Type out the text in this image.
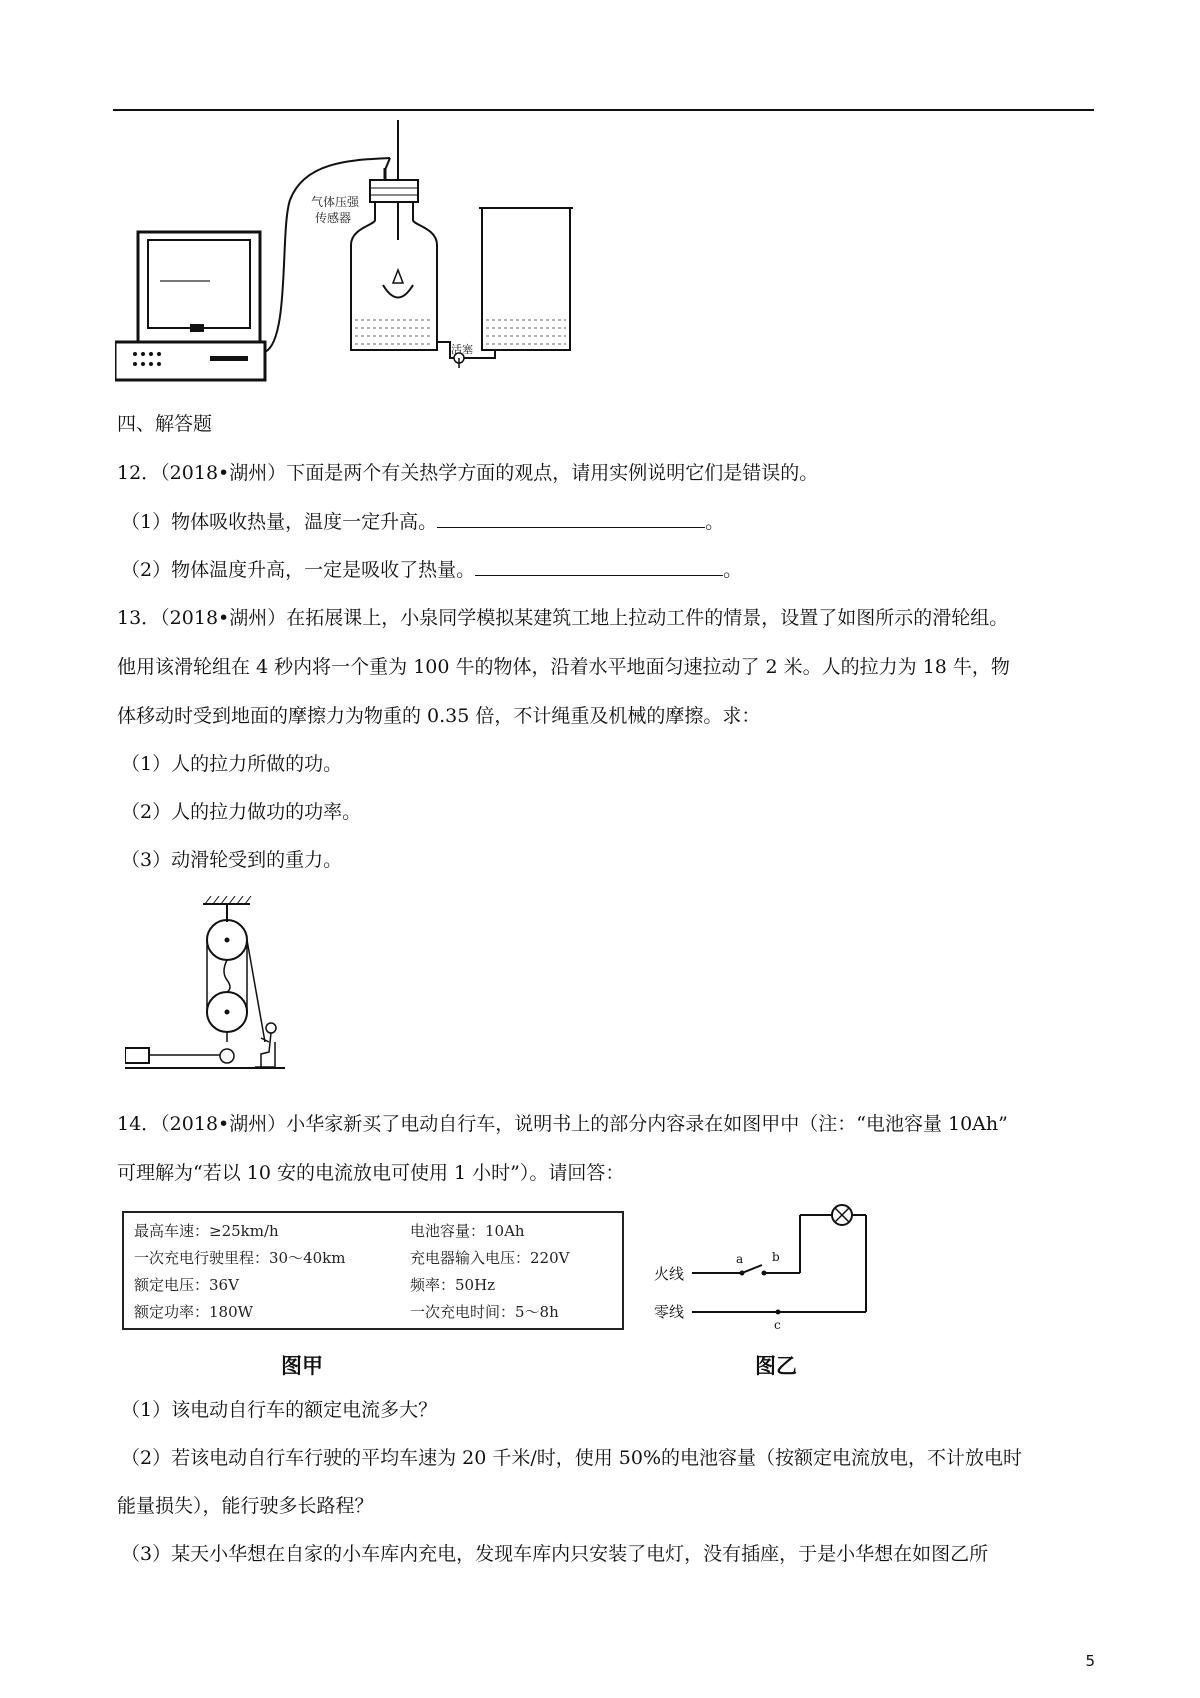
气体压强
传感器
活塞
四、解答题
12．（2018•湖州）下面是两个有关热学方面的观点，请用实例说明它们是错误的。
（1）物体吸收热量，温度一定升高。	。
（2）物体温度升高，一定是吸收了热量。	。
13．（2018•湖州）在拓展课上，小泉同学模拟某建筑工地上拉动工件的情景，设置了如图所示的滑轮组。
他用该滑轮组在 4 秒内将一个重为 100 牛的物体，沿着水平地面匀速拉动了 2 米。人的拉力为 18 牛，物
体移动时受到地面的摩擦力为物重的 0.35 倍，不计绳重及机械的摩擦。求：
（1）人的拉力所做的功。
（2）人的拉力做功的功率。
（3）动滑轮受到的重力。
14．（2018•湖州）小华家新买了电动自行车，说明书上的部分内容录在如图甲中（注：“电池容量 10Ah”
可理解为“若以 10 安的电流放电可使用 1 小时”）。请回答：
最高车速：≥25km/h	电池容量：10Ah
一次充电行驶里程：30～40km	充电器输入电压：220V
额定电压：36V	频率：50Hz
额定功率：180W	一次充电时间：5～8h
火线
零线
a b
c
图甲	图乙
（1）该电动自行车的额定电流多大？
（2）若该电动自行车行驶的平均车速为 20 千米/时，使用 50%的电池容量（按额定电流放电，不计放电时
能量损失），能行驶多长路程？
（3）某天小华想在自家的小车库内充电，发现车库内只安装了电灯，没有插座，于是小华想在如图乙所
5
